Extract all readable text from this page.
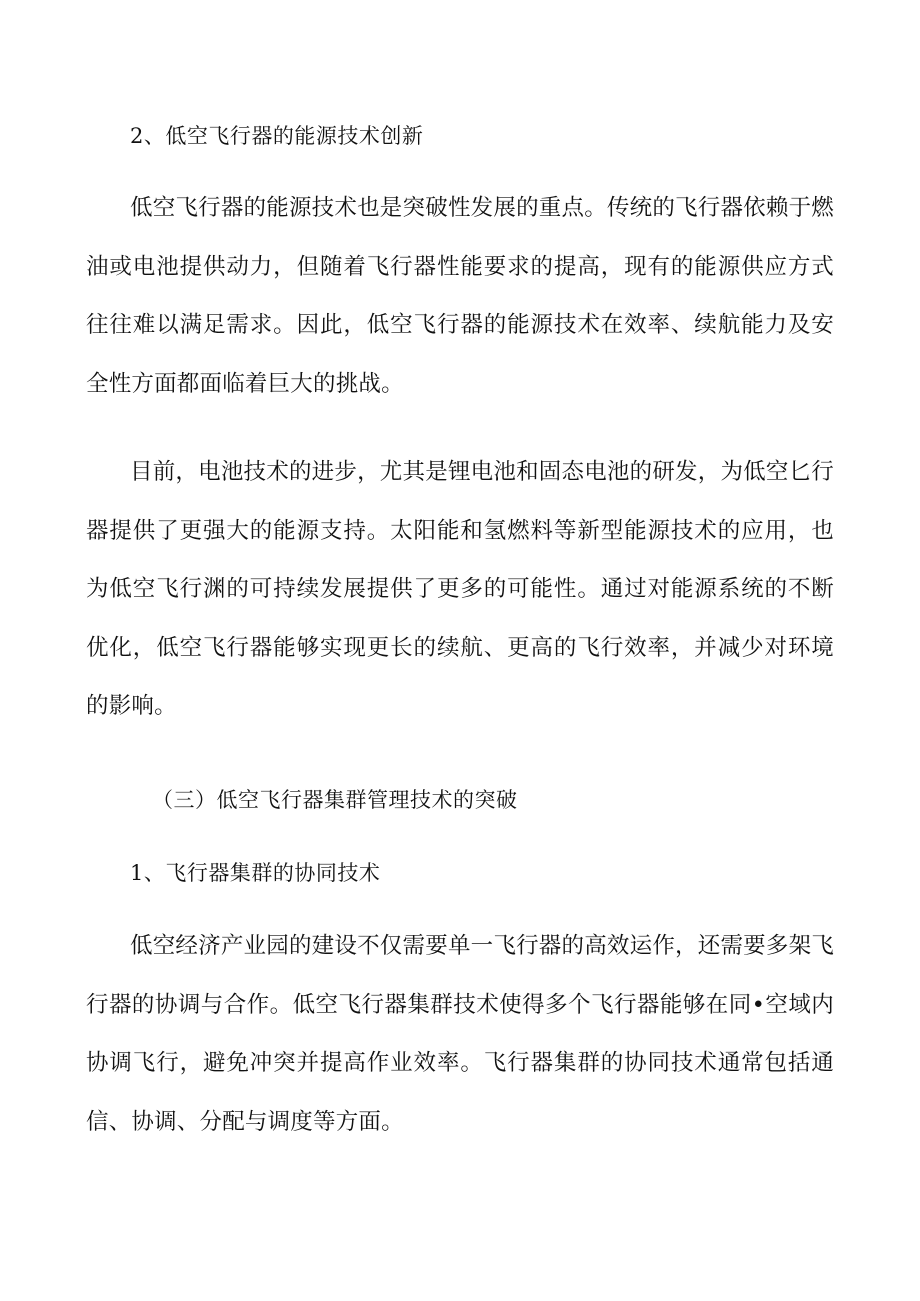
2、低空飞行器的能源技术创新

低空飞行器的能源技术也是突破性发展的重点。传统的飞行器依赖于燃油或电池提供动力，但随着飞行器性能要求的提高，现有的能源供应方式往往难以满足需求。因此，低空飞行器的能源技术在效率、续航能力及安全性方面都面临着巨大的挑战。

目前，电池技术的进步，尤其是锂电池和固态电池的研发，为低空匕行器提供了更强大的能源支持。太阳能和氢燃料等新型能源技术的应用，也为低空飞行渊的可持续发展提供了更多的可能性。通过对能源系统的不断优化，低空飞行器能够实现更长的续航、更高的飞行效率，并减少对环境的影响。

（三）低空飞行器集群管理技术的突破
1、飞行器集群的协同技术

低空经济产业园的建设不仅需要单一飞行器的高效运作，还需要多架飞行器的协调与合作。低空飞行器集群技术使得多个飞行器能够在同•空域内协调飞行，避免冲突并提高作业效率。飞行器集群的协同技术通常包括通信、协调、分配与调度等方面。
